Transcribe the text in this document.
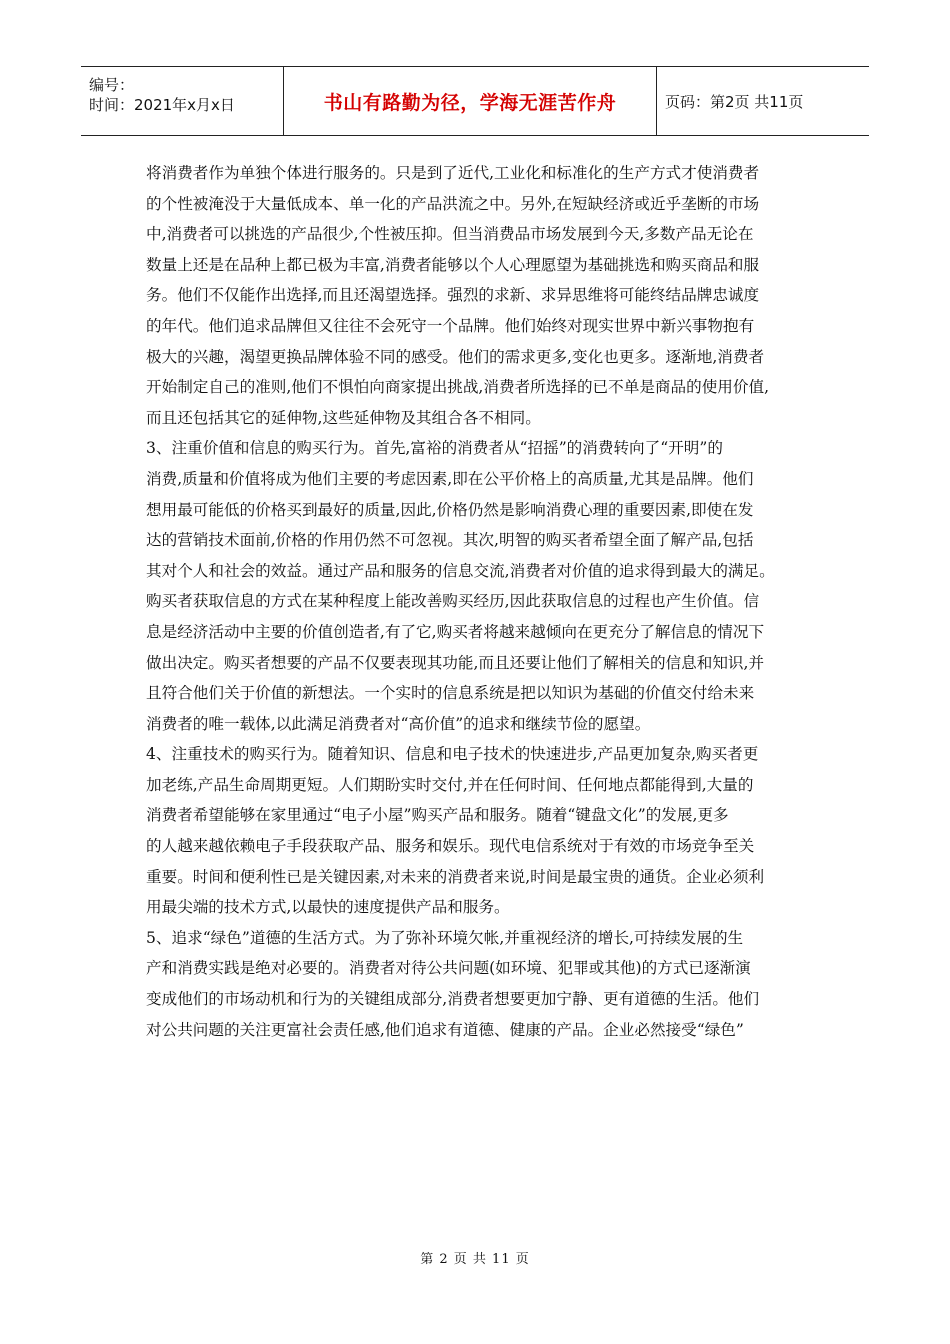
编号：
时间：2021年x月x日	书山有路勤为径，学海无涯苦作舟	页码：第2页 共11页

将消费者作为单独个体进行服务的。只是到了近代,工业化和标准化的生产方式才使消费者

的个性被淹没于大量低成本、单一化的产品洪流之中。另外,在短缺经济或近乎垄断的市场

中,消费者可以挑选的产品很少,个性被压抑。但当消费品市场发展到今天,多数产品无论在

数量上还是在品种上都已极为丰富,消费者能够以个人心理愿望为基础挑选和购买商品和服

务。他们不仅能作出选择,而且还渴望选择。强烈的求新、求异思维将可能终结品牌忠诚度

的年代。他们追求品牌但又往往不会死守一个品牌。他们始终对现实世界中新兴事物抱有

极大的兴趣，渴望更换品牌体验不同的感受。他们的需求更多,变化也更多。逐渐地,消费者

开始制定自己的准则,他们不惧怕向商家提出挑战,消费者所选择的已不单是商品的使用价值,

而且还包括其它的延伸物,这些延伸物及其组合各不相同。

3、注重价值和信息的购买行为。首先,富裕的消费者从“招摇”的消费转向了“开明”的

消费,质量和价值将成为他们主要的考虑因素,即在公平价格上的高质量,尤其是品牌。他们

想用最可能低的价格买到最好的质量,因此,价格仍然是影响消费心理的重要因素,即使在发

达的营销技术面前,价格的作用仍然不可忽视。其次,明智的购买者希望全面了解产品,包括

其对个人和社会的效益。通过产品和服务的信息交流,消费者对价值的追求得到最大的满足。

购买者获取信息的方式在某种程度上能改善购买经历,因此获取信息的过程也产生价值。信

息是经济活动中主要的价值创造者,有了它,购买者将越来越倾向在更充分了解信息的情况下

做出决定。购买者想要的产品不仅要表现其功能,而且还要让他们了解相关的信息和知识,并

且符合他们关于价值的新想法。一个实时的信息系统是把以知识为基础的价值交付给未来

消费者的唯一载体,以此满足消费者对“高价值”的追求和继续节俭的愿望。

4、注重技术的购买行为。随着知识、信息和电子技术的快速进步,产品更加复杂,购买者更

加老练,产品生命周期更短。人们期盼实时交付,并在任何时间、任何地点都能得到,大量的

消费者希望能够在家里通过“电子小屋”购买产品和服务。随着“键盘文化”的发展,更多

的人越来越依赖电子手段获取产品、服务和娱乐。现代电信系统对于有效的市场竞争至关

重要。时间和便利性已是关键因素,对未来的消费者来说,时间是最宝贵的通货。企业必须利

用最尖端的技术方式,以最快的速度提供产品和服务。

5、追求“绿色”道德的生活方式。为了弥补环境欠帐,并重视经济的增长,可持续发展的生

产和消费实践是绝对必要的。消费者对待公共问题(如环境、犯罪或其他)的方式已逐渐演

变成他们的市场动机和行为的关键组成部分,消费者想要更加宁静、更有道德的生活。他们

对公共问题的关注更富社会责任感,他们追求有道德、健康的产品。企业必然接受“绿色”

第 2 页 共 11 页
